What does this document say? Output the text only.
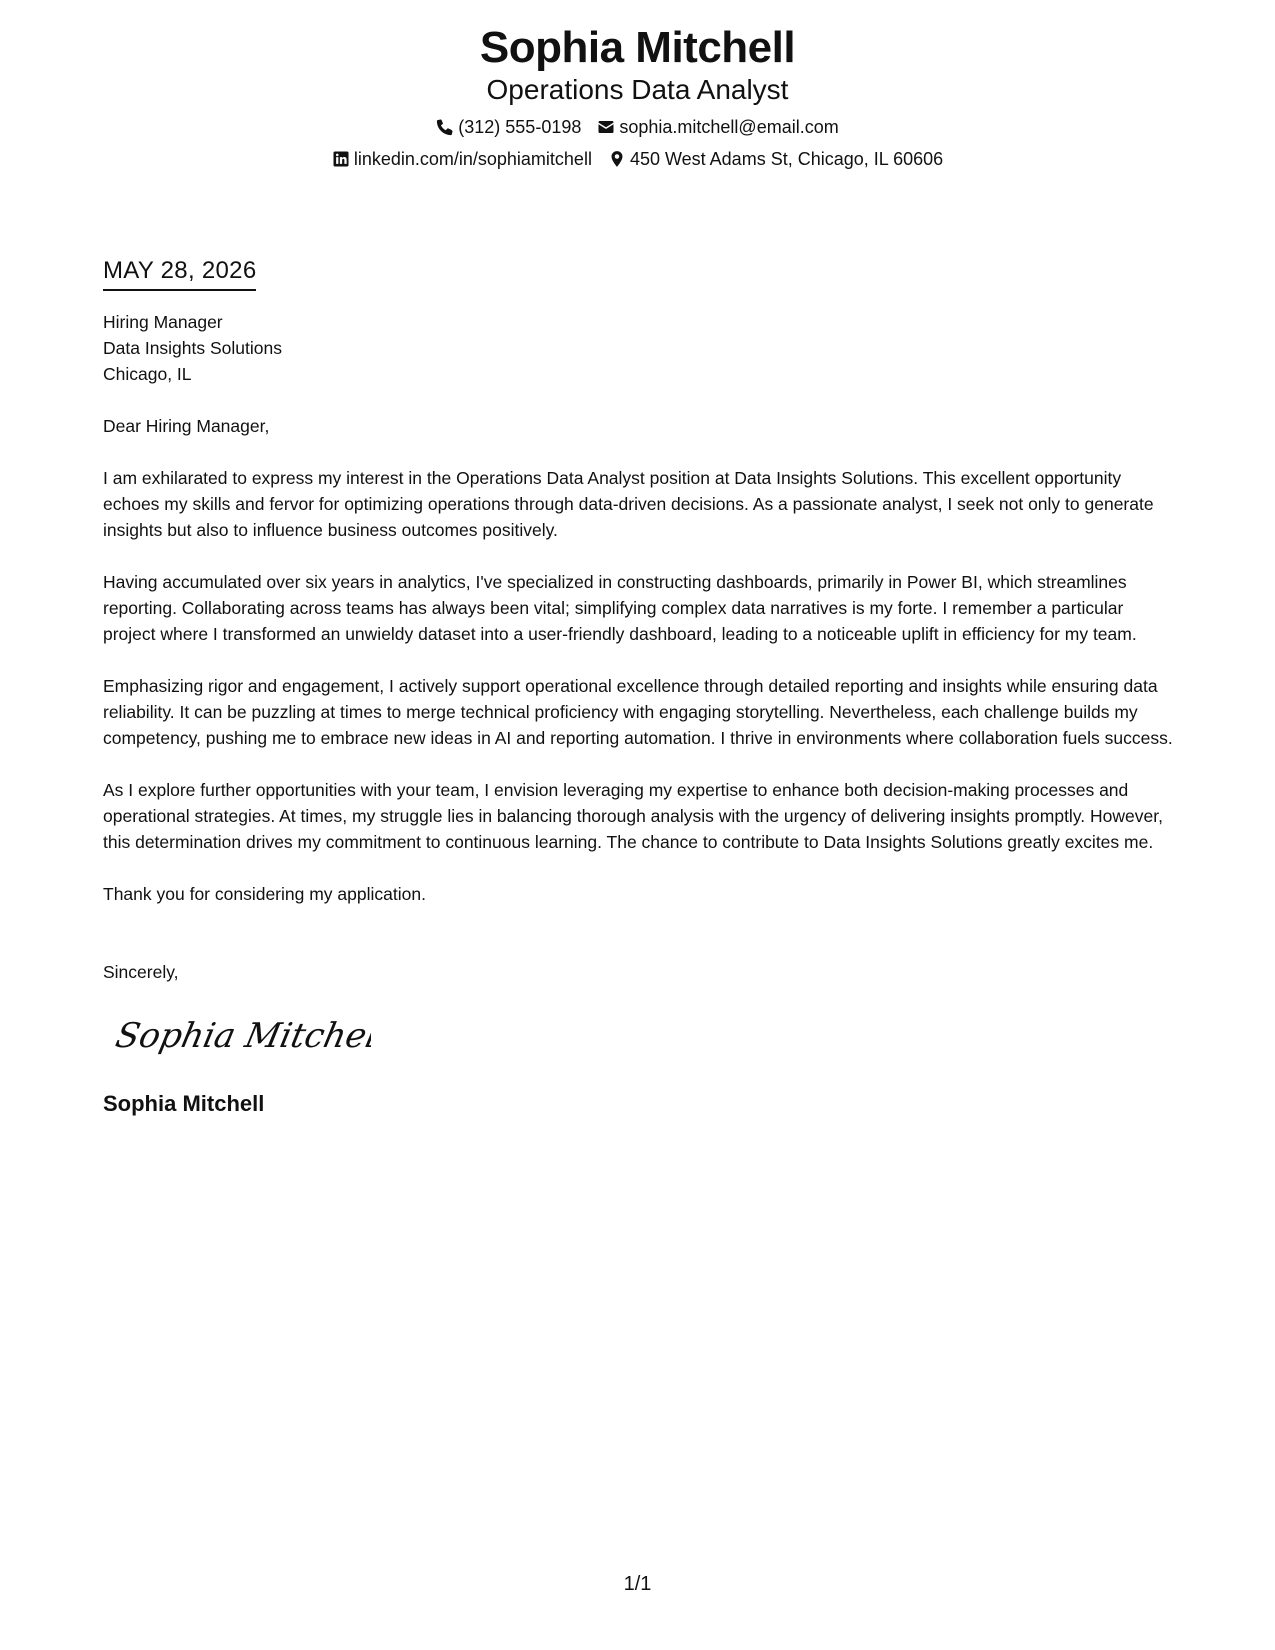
Sophia Mitchell
Operations Data Analyst
(312) 555-0198 sophia.mitchell@email.com
linkedin.com/in/sophiamitchell 450 West Adams St, Chicago, IL 60606
MAY 28, 2026
Hiring Manager
Data Insights Solutions
Chicago, IL
Dear Hiring Manager,
I am exhilarated to express my interest in the Operations Data Analyst position at Data Insights Solutions. This excellent opportunity echoes my skills and fervor for optimizing operations through data-driven decisions. As a passionate analyst, I seek not only to generate insights but also to influence business outcomes positively.
Having accumulated over six years in analytics, I've specialized in constructing dashboards, primarily in Power BI, which streamlines reporting. Collaborating across teams has always been vital; simplifying complex data narratives is my forte. I remember a particular project where I transformed an unwieldy dataset into a user-friendly dashboard, leading to a noticeable uplift in efficiency for my team.
Emphasizing rigor and engagement, I actively support operational excellence through detailed reporting and insights while ensuring data reliability. It can be puzzling at times to merge technical proficiency with engaging storytelling. Nevertheless, each challenge builds my competency, pushing me to embrace new ideas in AI and reporting automation. I thrive in environments where collaboration fuels success.
As I explore further opportunities with your team, I envision leveraging my expertise to enhance both decision-making processes and operational strategies. At times, my struggle lies in balancing thorough analysis with the urgency of delivering insights promptly. However, this determination drives my commitment to continuous learning. The chance to contribute to Data Insights Solutions greatly excites me.
Thank you for considering my application.
Sincerely,
Sophia Mitchell
Sophia Mitchell
1/1
